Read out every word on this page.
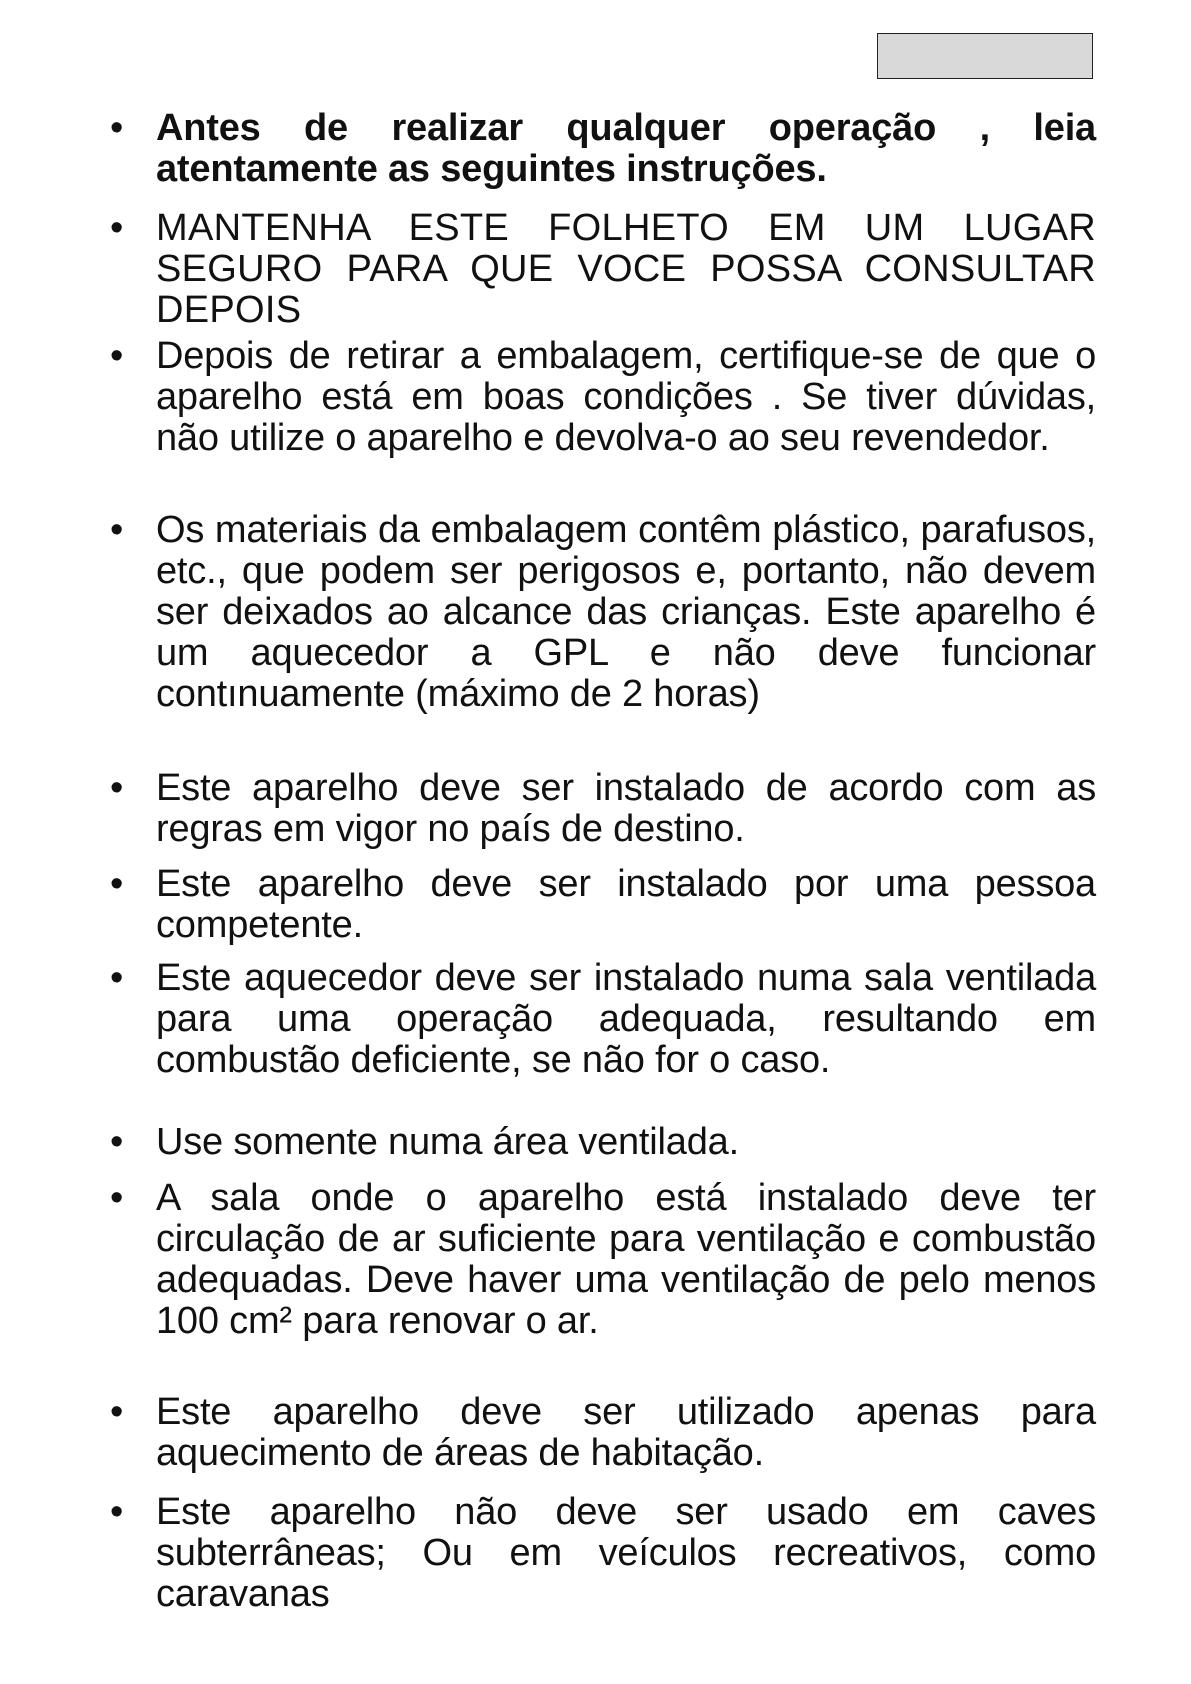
• Antes de realizar qualquer operação , leia atentamente as seguintes instruções.
• MANTENHA ESTE FOLHETO EM UM LUGAR SEGURO PARA QUE VOCE POSSA CONSULTAR DEPOIS
• Depois de retirar a embalagem, certifique-se de que o aparelho está em boas condições . Se tiver dúvidas, não utilize o aparelho e devolva-o ao seu revendedor.
• Os materiais da embalagem contêm plástico, parafusos, etc., que podem ser perigosos e, portanto, não devem ser deixados ao alcance das crianças. Este aparelho é um aquecedor a GPL e não deve funcionar contınuamente (máximo de 2 horas)
• Este aparelho deve ser instalado de acordo com as regras em vigor no país de destino.
• Este aparelho deve ser instalado por uma pessoa competente.
• Este aquecedor deve ser instalado numa sala ventilada para uma operação adequada, resultando em combustão deficiente, se não for o caso.
• Use somente numa área ventilada.
• A sala onde o aparelho está instalado deve ter circulação de ar suficiente para ventilação e combustão adequadas. Deve haver uma ventilação de pelo menos 100 cm² para renovar o ar.
• Este aparelho deve ser utilizado apenas para aquecimento de áreas de habitação.
• Este aparelho não deve ser usado em caves subterrâneas; Ou em veículos recreativos, como caravanas
